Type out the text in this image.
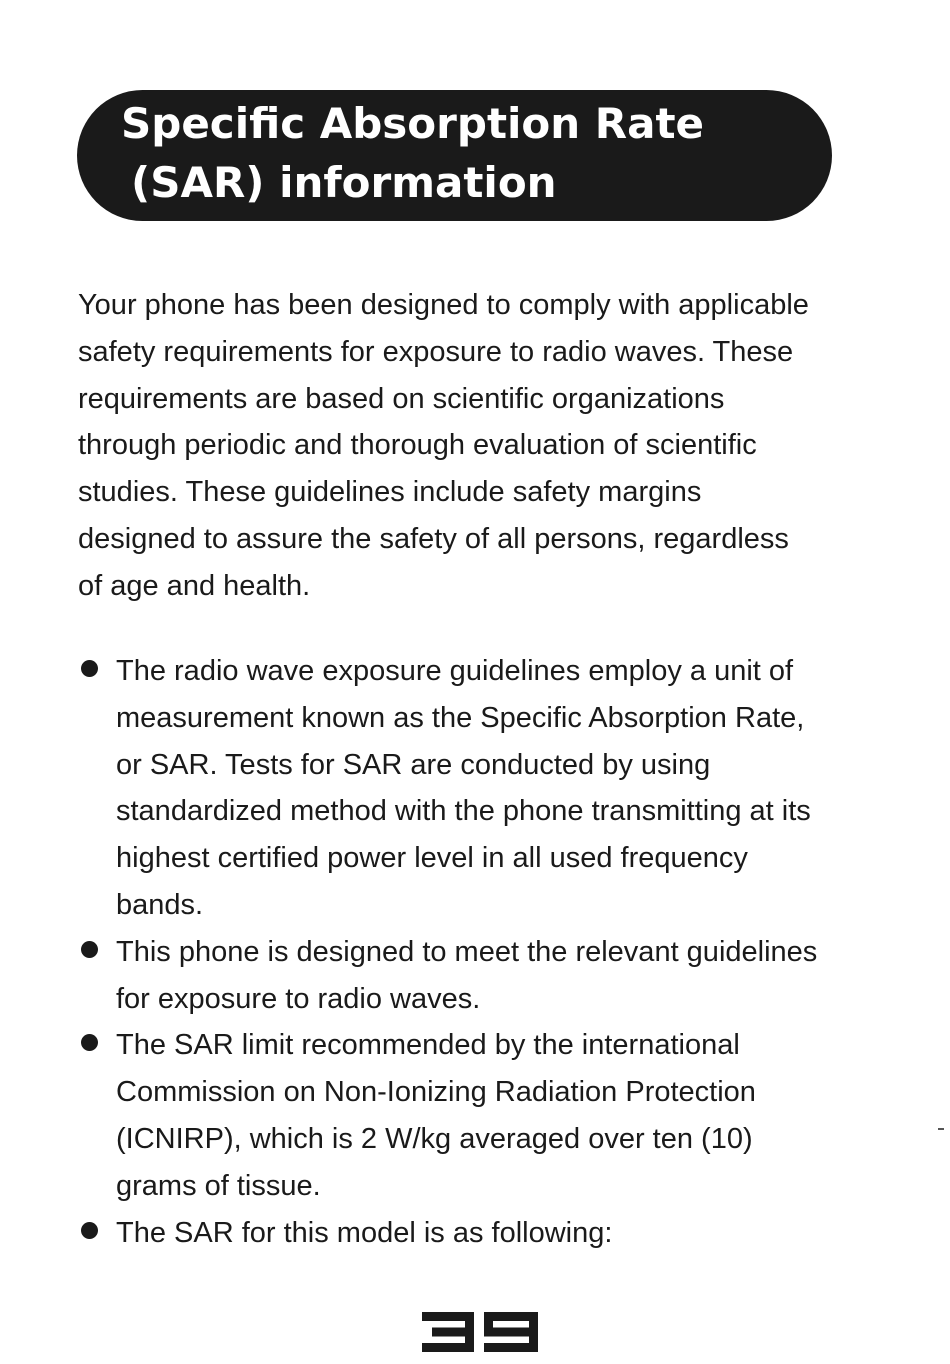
Specific Absorption Rate
(SAR) information
Your phone has been designed to comply with applicable
safety requirements for exposure to radio waves. These
requirements are based on scientific organizations
through periodic and thorough evaluation of scientific
studies. These guidelines include safety margins
designed to assure the safety of all persons, regardless
of age and health.
The radio wave exposure guidelines employ a unit of
measurement known as the Specific Absorption Rate,
or SAR. Tests for SAR are conducted by using
standardized method with the phone transmitting at its
highest certified power level in all used frequency
bands.
This phone is designed to meet the relevant guidelines
for exposure to radio waves.
The SAR limit recommended by the international
Commission on Non-Ionizing Radiation Protection
(ICNIRP), which is 2 W/kg averaged over ten (10)
grams of tissue.
The SAR for this model is as following:
